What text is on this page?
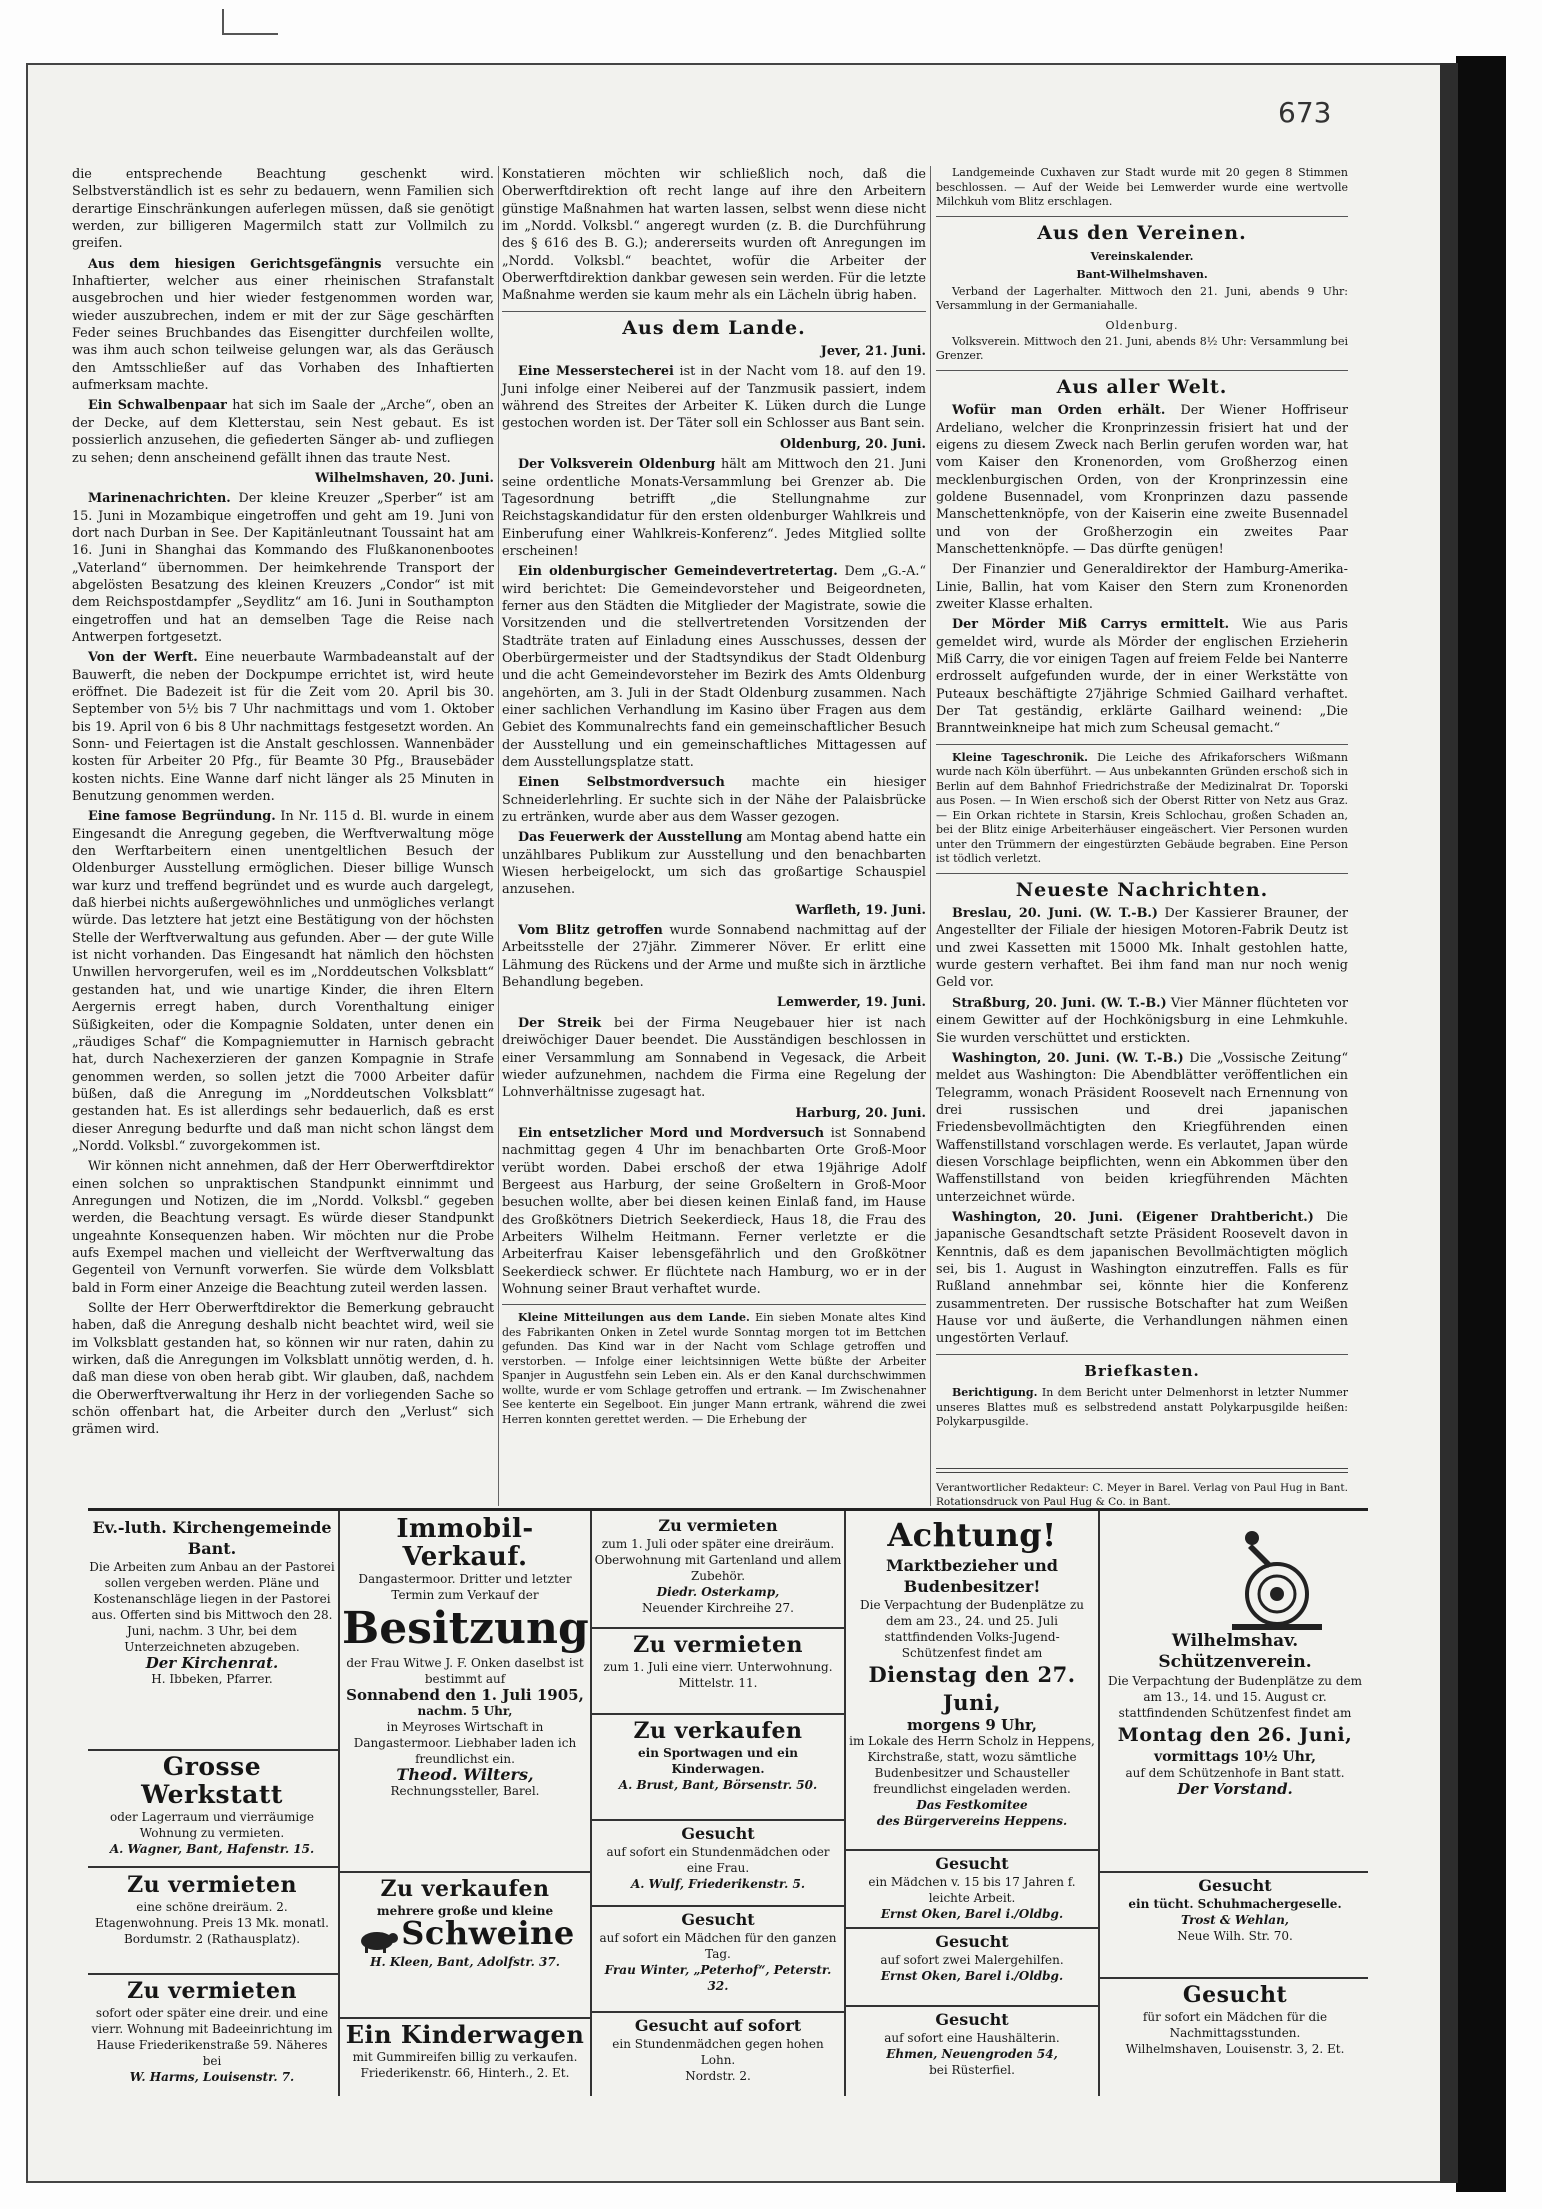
673

die entsprechende Beachtung geschenkt wird. Selbstverständlich ist es sehr zu bedauern, wenn Familien sich derartige Einschränkungen auferlegen müssen, daß sie genötigt werden, zur billigeren Magermilch statt zur Vollmilch zu greifen.

Aus dem hiesigen Gerichtsgefängnis versuchte ein Inhaftierter, welcher aus einer rheinischen Strafanstalt ausgebrochen und hier wieder festgenommen worden war, wieder auszubrechen, indem er mit der zur Säge geschärften Feder seines Bruchbandes das Eisengitter durchfeilen wollte, was ihm auch schon teilweise gelungen war, als das Geräusch den Amtsschließer auf das Vorhaben des Inhaftierten aufmerksam machte.

Ein Schwalbenpaar hat sich im Saale der „Arche“, oben an der Decke, auf dem Kletterstau, sein Nest gebaut. Es ist possierlich anzusehen, die gefiederten Sänger ab- und zufliegen zu sehen; denn anscheinend gefällt ihnen das traute Nest.

Wilhelmshaven, 20. Juni.

Marinenachrichten. Der kleine Kreuzer „Sperber“ ist am 15. Juni in Mozambique eingetroffen und geht am 19. Juni von dort nach Durban in See. Der Kapitänleutnant Toussaint hat am 16. Juni in Shanghai das Kommando des Flußkanonenbootes „Vaterland“ übernommen. Der heimkehrende Transport der abgelösten Besatzung des kleinen Kreuzers „Condor“ ist mit dem Reichspostdampfer „Seydlitz“ am 16. Juni in Southampton eingetroffen und hat an demselben Tage die Reise nach Antwerpen fortgesetzt.

Von der Werft. Eine neuerbaute Warmbadeanstalt auf der Bauwerft, die neben der Dockpumpe errichtet ist, wird heute eröffnet. Die Badezeit ist für die Zeit vom 20. April bis 30. September von 5½ bis 7 Uhr nachmittags und vom 1. Oktober bis 19. April von 6 bis 8 Uhr nachmittags festgesetzt worden. An Sonn- und Feiertagen ist die Anstalt geschlossen. Wannenbäder kosten für Arbeiter 20 Pfg., für Beamte 30 Pfg., Brausebäder kosten nichts. Eine Wanne darf nicht länger als 25 Minuten in Benutzung genommen werden.

Eine famose Begründung. In Nr. 115 d. Bl. wurde in einem Eingesandt die Anregung gegeben, die Werftverwaltung möge den Werftarbeitern einen unentgeltlichen Besuch der Oldenburger Ausstellung ermöglichen. Dieser billige Wunsch war kurz und treffend begründet und es wurde auch dargelegt, daß hierbei nichts außergewöhnliches und unmögliches verlangt würde. Das letztere hat jetzt eine Bestätigung von der höchsten Stelle der Werftverwaltung aus gefunden. Aber — der gute Wille ist nicht vorhanden. Das Eingesandt hat nämlich den höchsten Unwillen hervorgerufen, weil es im „Norddeutschen Volksblatt“ gestanden hat, und wie unartige Kinder, die ihren Eltern Aergernis erregt haben, durch Vorenthaltung einiger Süßigkeiten, oder die Kompagnie Soldaten, unter denen ein „räudiges Schaf“ die Kompagniemutter in Harnisch gebracht hat, durch Nachexerzieren der ganzen Kompagnie in Strafe genommen werden, so sollen jetzt die 7000 Arbeiter dafür büßen, daß die Anregung im „Norddeutschen Volksblatt“ gestanden hat. Es ist allerdings sehr bedauerlich, daß es erst dieser Anregung bedurfte und daß man nicht schon längst dem „Nordd. Volksbl.“ zuvorgekommen ist.

Wir können nicht annehmen, daß der Herr Oberwerftdirektor einen solchen so unpraktischen Standpunkt einnimmt und Anregungen und Notizen, die im „Nordd. Volksbl.“ gegeben werden, die Beachtung versagt. Es würde dieser Standpunkt ungeahnte Konsequenzen haben. Wir möchten nur die Probe aufs Exempel machen und vielleicht der Werftverwaltung das Gegenteil von Vernunft vorwerfen. Sie würde dem Volksblatt bald in Form einer Anzeige die Beachtung zuteil werden lassen.

Sollte der Herr Oberwerftdirektor die Bemerkung gebraucht haben, daß die Anregung deshalb nicht beachtet wird, weil sie im Volksblatt gestanden hat, so können wir nur raten, dahin zu wirken, daß die Anregungen im Volksblatt unnötig werden, d. h. daß man diese von oben herab gibt. Wir glauben, daß, nachdem die Oberwerftverwaltung ihr Herz in der vorliegenden Sache so schön offenbart hat, die Arbeiter durch den „Verlust“ sich grämen wird.

Konstatieren möchten wir schließlich noch, daß die Oberwerftdirektion oft recht lange auf ihre den Arbeitern günstige Maßnahmen hat warten lassen, selbst wenn diese nicht im „Nordd. Volksbl.“ angeregt wurden (z. B. die Durchführung des § 616 des B. G.); andererseits wurden oft Anregungen im „Nordd. Volksbl.“ beachtet, wofür die Arbeiter der Oberwerftdirektion dankbar gewesen sein werden. Für die letzte Maßnahme werden sie kaum mehr als ein Lächeln übrig haben.

Aus dem Lande.

Jever, 21. Juni.

Eine Messerstecherei ist in der Nacht vom 18. auf den 19. Juni infolge einer Neiberei auf der Tanzmusik passiert, indem während des Streites der Arbeiter K. Lüken durch die Lunge gestochen worden ist. Der Täter soll ein Schlosser aus Bant sein.

Oldenburg, 20. Juni.

Der Volksverein Oldenburg hält am Mittwoch den 21. Juni seine ordentliche Monats-Versammlung bei Grenzer ab. Die Tagesordnung betrifft „die Stellungnahme zur Reichstagskandidatur für den ersten oldenburger Wahlkreis und Einberufung einer Wahlkreis-Konferenz“. Jedes Mitglied sollte erscheinen!

Ein oldenburgischer Gemeindevertretertag. Dem „G.-A.“ wird berichtet: Die Gemeindevorsteher und Beigeordneten, ferner aus den Städten die Mitglieder der Magistrate, sowie die Vorsitzenden und die stellvertretenden Vorsitzenden der Stadträte traten auf Einladung eines Ausschusses, dessen der Oberbürgermeister und der Stadtsyndikus der Stadt Oldenburg und die acht Gemeindevorsteher im Bezirk des Amts Oldenburg angehörten, am 3. Juli in der Stadt Oldenburg zusammen. Nach einer sachlichen Verhandlung im Kasino über Fragen aus dem Gebiet des Kommunalrechts fand ein gemeinschaftlicher Besuch der Ausstellung und ein gemeinschaftliches Mittagessen auf dem Ausstellungsplatze statt.

Einen Selbstmordversuch machte ein hiesiger Schneiderlehrling. Er suchte sich in der Nähe der Palaisbrücke zu ertränken, wurde aber aus dem Wasser gezogen.

Das Feuerwerk der Ausstellung am Montag abend hatte ein unzählbares Publikum zur Ausstellung und den benachbarten Wiesen herbeigelockt, um sich das großartige Schauspiel anzusehen.

Warfleth, 19. Juni.

Vom Blitz getroffen wurde Sonnabend nachmittag auf der Arbeitsstelle der 27jähr. Zimmerer Növer. Er erlitt eine Lähmung des Rückens und der Arme und mußte sich in ärztliche Behandlung begeben.

Lemwerder, 19. Juni.

Der Streik bei der Firma Neugebauer hier ist nach dreiwöchiger Dauer beendet. Die Ausständigen beschlossen in einer Versammlung am Sonnabend in Vegesack, die Arbeit wieder aufzunehmen, nachdem die Firma eine Regelung der Lohnverhältnisse zugesagt hat.

Harburg, 20. Juni.

Ein entsetzlicher Mord und Mordversuch ist Sonnabend nachmittag gegen 4 Uhr im benachbarten Orte Groß-Moor verübt worden. Dabei erschoß der etwa 19jährige Adolf Bergeest aus Harburg, der seine Großeltern in Groß-Moor besuchen wollte, aber bei diesen keinen Einlaß fand, im Hause des Großkötners Dietrich Seekerdieck, Haus 18, die Frau des Arbeiters Wilhelm Heitmann. Ferner verletzte er die Arbeiterfrau Kaiser lebensgefährlich und den Großkötner Seekerdieck schwer. Er flüchtete nach Hamburg, wo er in der Wohnung seiner Braut verhaftet wurde.

Kleine Mitteilungen aus dem Lande. Ein sieben Monate altes Kind des Fabrikanten Onken in Zetel wurde Sonntag morgen tot im Bettchen gefunden. Das Kind war in der Nacht vom Schlage getroffen und verstorben. — Infolge einer leichtsinnigen Wette büßte der Arbeiter Spanjer in Augustfehn sein Leben ein. Als er den Kanal durchschwimmen wollte, wurde er vom Schlage getroffen und ertrank. — Im Zwischenahner See kenterte ein Segelboot. Ein junger Mann ertrank, während die zwei Herren konnten gerettet werden. — Die Erhebung der

Landgemeinde Cuxhaven zur Stadt wurde mit 20 gegen 8 Stimmen beschlossen. — Auf der Weide bei Lemwerder wurde eine wertvolle Milchkuh vom Blitz erschlagen.

Aus den Vereinen.
Vereinskalender.
Bant-Wilhelmshaven.

Verband der Lagerhalter. Mittwoch den 21. Juni, abends 9 Uhr: Versammlung in der Germaniahalle.

Oldenburg.

Volksverein. Mittwoch den 21. Juni, abends 8½ Uhr: Versammlung bei Grenzer.

Aus aller Welt.

Wofür man Orden erhält. Der Wiener Hoffriseur Ardeliano, welcher die Kronprinzessin frisiert hat und der eigens zu diesem Zweck nach Berlin gerufen worden war, hat vom Kaiser den Kronenorden, vom Großherzog einen mecklenburgischen Orden, von der Kronprinzessin eine goldene Busennadel, vom Kronprinzen dazu passende Manschettenknöpfe, von der Kaiserin eine zweite Busennadel und von der Großherzogin ein zweites Paar Manschettenknöpfe. — Das dürfte genügen!

Der Finanzier und Generaldirektor der Hamburg-Amerika-Linie, Ballin, hat vom Kaiser den Stern zum Kronenorden zweiter Klasse erhalten.

Der Mörder Miß Carrys ermittelt. Wie aus Paris gemeldet wird, wurde als Mörder der englischen Erzieherin Miß Carry, die vor einigen Tagen auf freiem Felde bei Nanterre erdrosselt aufgefunden wurde, der in einer Werkstätte von Puteaux beschäftigte 27jährige Schmied Gailhard verhaftet. Der Tat geständig, erklärte Gailhard weinend: „Die Branntweinkneipe hat mich zum Scheusal gemacht.“

Kleine Tageschronik. Die Leiche des Afrikaforschers Wißmann wurde nach Köln überführt. — Aus unbekannten Gründen erschoß sich in Berlin auf dem Bahnhof Friedrichstraße der Medizinalrat Dr. Toporski aus Posen. — In Wien erschoß sich der Oberst Ritter von Netz aus Graz. — Ein Orkan richtete in Starsin, Kreis Schlochau, großen Schaden an, bei der Blitz einige Arbeiterhäuser eingeäschert. Vier Personen wurden unter den Trümmern der eingestürzten Gebäude begraben. Eine Person ist tödlich verletzt.

Neueste Nachrichten.

Breslau, 20. Juni. (W. T.-B.) Der Kassierer Brauner, der Angestellter der Filiale der hiesigen Motoren-Fabrik Deutz ist und zwei Kassetten mit 15000 Mk. Inhalt gestohlen hatte, wurde gestern verhaftet. Bei ihm fand man nur noch wenig Geld vor.

Straßburg, 20. Juni. (W. T.-B.) Vier Männer flüchteten vor einem Gewitter auf der Hochkönigsburg in eine Lehmkuhle. Sie wurden verschüttet und erstickten.

Washington, 20. Juni. (W. T.-B.) Die „Vossische Zeitung“ meldet aus Washington: Die Abendblätter veröffentlichen ein Telegramm, wonach Präsident Roosevelt nach Ernennung von drei russischen und drei japanischen Friedensbevollmächtigten den Kriegführenden einen Waffenstillstand vorschlagen werde. Es verlautet, Japan würde diesen Vorschlage beipflichten, wenn ein Abkommen über den Waffenstillstand von beiden kriegführenden Mächten unterzeichnet würde.

Washington, 20. Juni. (Eigener Drahtbericht.) Die japanische Gesandtschaft setzte Präsident Roosevelt davon in Kenntnis, daß es dem japanischen Bevollmächtigten möglich sei, bis 1. August in Washington einzutreffen. Falls es für Rußland annehmbar sei, könnte hier die Konferenz zusammentreten. Der russische Botschafter hat zum Weißen Hause vor und äußerte, die Verhandlungen nähmen einen ungestörten Verlauf.

Briefkasten.

Berichtigung. In dem Bericht unter Delmenhorst in letzter Nummer unseres Blattes muß es selbstredend anstatt Polykarpusgilde heißen: Polykarpusgilde.

Verantwortlicher Redakteur: C. Meyer in Barel. Verlag von Paul Hug in Bant. Rotationsdruck von Paul Hug & Co. in Bant.
Ev.-luth. Kirchengemeinde
Bant.
Die Arbeiten zum Anbau an der Pastorei sollen vergeben werden. Pläne und Kostenanschläge liegen in der Pastorei aus. Offerten sind bis Mittwoch den 28. Juni, nachm. 3 Uhr, bei dem Unterzeichneten abzugeben.
Der Kirchenrat.
H. Ibbeken, Pfarrer.
Grosse Werkstatt
oder Lagerraum und vierräumige Wohnung zu vermieten.
A. Wagner, Bant, Hafenstr. 15.
Zu vermieten
eine schöne dreiräum. 2. Etagenwohnung. Preis 13 Mk. monatl.
Bordumstr. 2 (Rathausplatz).
Zu vermieten
sofort oder später eine dreir. und eine vierr. Wohnung mit Badeeinrichtung im Hause Friederikenstraße 59. Näheres bei
W. Harms, Louisenstr. 7.
Immobil-Verkauf.
Dangastermoor. Dritter und letzter Termin zum Verkauf der
Besitzung
der Frau Witwe J. F. Onken daselbst ist bestimmt auf
Sonnabend den 1. Juli 1905,
nachm. 5 Uhr,
in Meyroses Wirtschaft in Dangastermoor. Liebhaber laden ich freundlichst ein.
Theod. Wilters,
Rechnungssteller, Barel.
Zu verkaufen
mehrere große und kleine
Schweine
H. Kleen, Bant, Adolfstr. 37.
Ein Kinderwagen
mit Gummireifen billig zu verkaufen.
Friederikenstr. 66, Hinterh., 2. Et.
Zu vermieten
zum 1. Juli oder später eine dreiräum. Oberwohnung mit Gartenland und allem Zubehör.
Diedr. Osterkamp,
Neuender Kirchreihe 27.
Zu vermieten
zum 1. Juli eine vierr. Unterwohnung.
Mittelstr. 11.
Zu verkaufen
ein Sportwagen und ein Kinderwagen.
A. Brust, Bant, Börsenstr. 50.
Gesucht
auf sofort ein Stundenmädchen oder eine Frau.
A. Wulf, Friederikenstr. 5.
Gesucht
auf sofort ein Mädchen für den ganzen Tag.
Frau Winter, „Peterhof“, Peterstr. 32.
Gesucht auf sofort
ein Stundenmädchen gegen hohen Lohn.
Nordstr. 2.
Achtung!
Marktbezieher und Budenbesitzer!
Die Verpachtung der Budenplätze zu dem am 23., 24. und 25. Juli stattfindenden Volks-Jugend-Schützenfest findet am
Dienstag den 27. Juni,
morgens 9 Uhr,
im Lokale des Herrn Scholz in Heppens, Kirchstraße, statt, wozu sämtliche Budenbesitzer und Schausteller freundlichst eingeladen werden.
Das Festkomitee
des Bürgervereins Heppens.
Gesucht
ein Mädchen v. 15 bis 17 Jahren f. leichte Arbeit.
Ernst Oken, Barel i./Oldbg.
Gesucht
auf sofort zwei Malergehilfen.
Ernst Oken, Barel i./Oldbg.
Gesucht
auf sofort eine Haushälterin.
Ehmen, Neuengroden 54,
bei Rüsterfiel.
Wilhelmshav. Schützenverein.
Die Verpachtung der Budenplätze zu dem am 13., 14. und 15. August cr. stattfindenden Schützenfest findet am
Montag den 26. Juni,
vormittags 10½ Uhr,
auf dem Schützenhofe in Bant statt.
Der Vorstand.
Gesucht
ein tücht. Schuhmachergeselle.
Trost & Wehlan,
Neue Wilh. Str. 70.
Gesucht
für sofort ein Mädchen für die Nachmittagsstunden.
Wilhelmshaven, Louisenstr. 3, 2. Et.
